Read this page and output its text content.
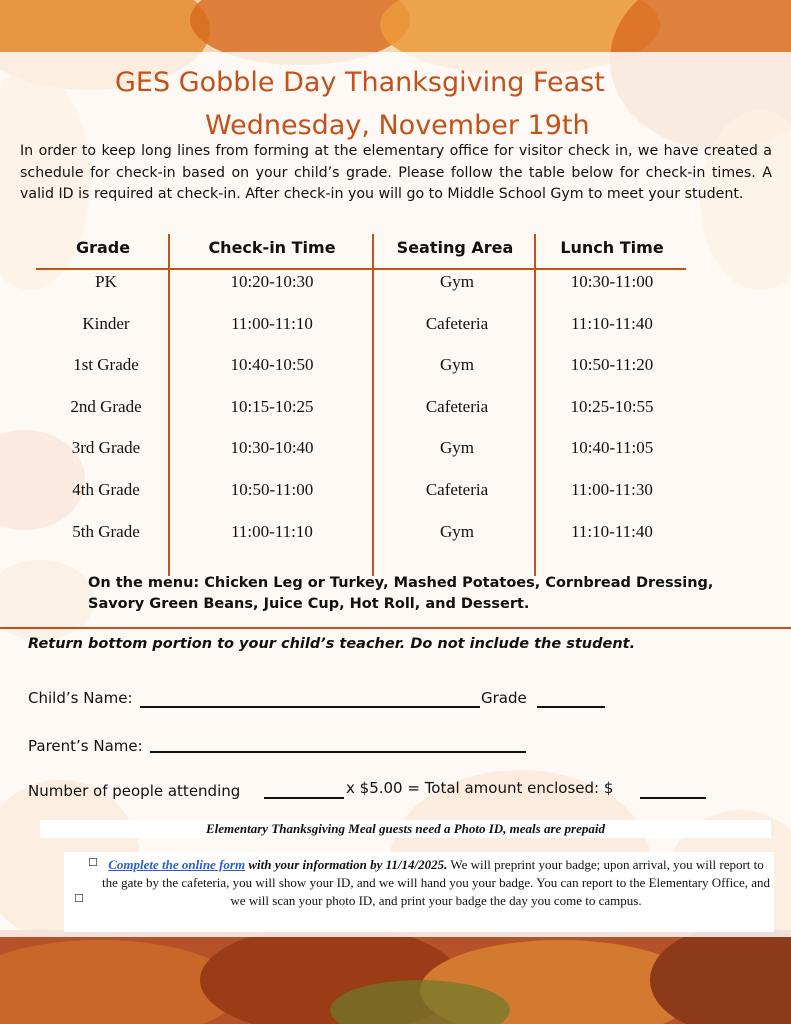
GES Gobble Day Thanksgiving Feast
Wednesday, November 19th
In order to keep long lines from forming at the elementary office for visitor check in, we have created a schedule for check-in based on your child’s grade. Please follow the table below for check-in times. A valid ID is required at check-in. After check-in you will go to Middle School Gym to meet your student.
Grade	Check-in Time	Seating Area	Lunch Time
PK	10:20-10:30	Gym	10:30-11:00
Kinder	11:00-11:10	Cafeteria	11:10-11:40
1st Grade	10:40-10:50	Gym	10:50-11:20
2nd Grade	10:15-10:25	Cafeteria	10:25-10:55
3rd Grade	10:30-10:40	Gym	10:40-11:05
4th Grade	10:50-11:00	Cafeteria	11:00-11:30
5th Grade	11:00-11:10	Gym	11:10-11:40
On the menu: Chicken Leg or Turkey, Mashed Potatoes, Cornbread Dressing, Savory Green Beans, Juice Cup, Hot Roll, and Dessert.
Return bottom portion to your child’s teacher. Do not include the student.
Child’s Name:	Grade
Parent’s Name:
Number of people attending	x $5.00 = Total amount enclosed: $
Elementary Thanksgiving Meal guests need a Photo ID, meals are prepaid
☐
☐
Complete the online form with your information by 11/14/2025. We will preprint your badge; upon arrival, you will report to the gate by the cafeteria, you will show your ID, and we will hand you your badge. You can report to the Elementary Office, and we will scan your photo ID, and print your badge the day you come to campus.
